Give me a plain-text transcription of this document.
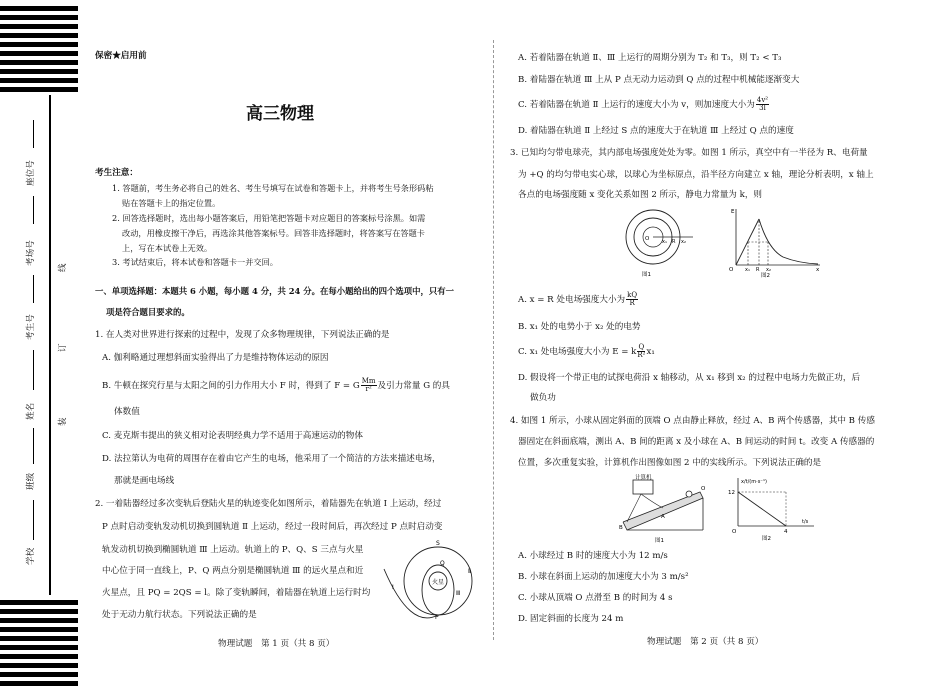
座位号
考场号
考生号
姓名
班级
学校
线
订
装
保密★启用前
高三物理
考生注意：
1. 答题前，考生务必将自己的姓名、考生号填写在试卷和答题卡上，并将考生号条形码粘
贴在答题卡上的指定位置。
2. 回答选择题时，选出每小题答案后，用铅笔把答题卡对应题目的答案标号涂黑。如需
改动，用橡皮擦干净后，再选涂其他答案标号。回答非选择题时，将答案写在答题卡
上，写在本试卷上无效。
3. 考试结束后，将本试卷和答题卡一并交回。
一、单项选择题：本题共 6 小题，每小题 4 分，共 24 分。在每小题给出的四个选项中，只有一
项是符合题目要求的。
1. 在人类对世界进行探索的过程中，发现了众多物理规律，下列说法正确的是
A. 伽利略通过理想斜面实验得出了力是维持物体运动的原因
B. 牛顿在探究行星与太阳之间的引力作用大小 F 时，得到了 F = G $\frac{Mm}{\text{r²}}$及引力常量 G 的具
体数值
C. 麦克斯韦提出的狭义相对论表明经典力学不适用于高速运动的物体
D. 法拉第认为电荷的周围存在着由它产生的电场，他采用了一个简洁的方法来描述电场，
那就是画电场线
2. 一着陆器经过多次变轨后登陆火星的轨迹变化如图所示，着陆器先在轨道 Ⅰ 上运动，经过
P 点时启动变轨发动机切换到圆轨道 Ⅱ 上运动，经过一段时间后，再次经过 P 点时启动变
轨发动机切换到椭圆轨道 Ⅲ 上运动。轨道上的 P、Q、S 三点与火星
中心位于同一直线上，P、Q 两点分别是椭圆轨道 Ⅲ 的远火星点和近
火星点，且 PQ = 2QS = l。除了变轨瞬间，着陆器在轨道上运行时均
处于无动力航行状态。下列说法正确的是
火星
S
Q
P
Ⅰ
Ⅱ
Ⅲ
物理试题　第 1 页（共 8 页）
A. 若着陆器在轨道 Ⅱ、Ⅲ 上运行的周期分别为 T₂ 和 T₃，则 T₂ < T₃
B. 着陆器在轨道 Ⅲ 上从 P 点无动力运动到 Q 点的过程中机械能逐渐变大
C. 若着陆器在轨道 Ⅱ 上运行的速度大小为 v，则加速度大小为 $\frac{\text{4v²}}{3l}$
D. 着陆器在轨道 Ⅱ 上经过 S 点的速度大于在轨道 Ⅲ 上经过 Q 点的速度
3. 已知均匀带电球壳，其内部电场强度处处为零。如图 1 所示，真空中有一半径为 R、电荷量
为 +Q 的均匀带电实心球，以球心为坐标原点，沿半径方向建立 x 轴，理论分析表明，x 轴上
各点的电场强度随 x 变化关系如图 2 所示，静电力常量为 k，则
O	x₁ R x₂
图1
E
O x₁ R x₂	x
图2
A. x = R 处电场强度大小为 $\frac{kQ}{R}$
B. x₁ 处的电势小于 x₂ 处的电势
C. x₁ 处电场强度大小为 E = k $\frac{Q}{\text{R²}}x_1$
D. 假设将一个带正电的试探电荷沿 x 轴移动，从 x₁ 移到 x₂ 的过程中电场力先做正功，后
做负功
4. 如图 1 所示，小球从固定斜面的顶端 O 点由静止释放，经过 A、B 两个传感器，其中 B 传感
器固定在斜面底端，测出 A、B 间的距离 x 及小球在 A、B 间运动的时间 t。改变 A 传感器的
位置，多次重复实验，计算机作出图像如图 2 中的实线所示。下列说法正确的是
计算机
B
A
O
图1
x/t/(m·s⁻¹)
12
4
t/s
O
图2
A. 小球经过 B 时的速度大小为 12 m/s
B. 小球在斜面上运动的加速度大小为 3 m/s²
C. 小球从顶端 O 点滑至 B 的时间为 4 s
D. 固定斜面的长度为 24 m
物理试题　第 2 页（共 8 页）
